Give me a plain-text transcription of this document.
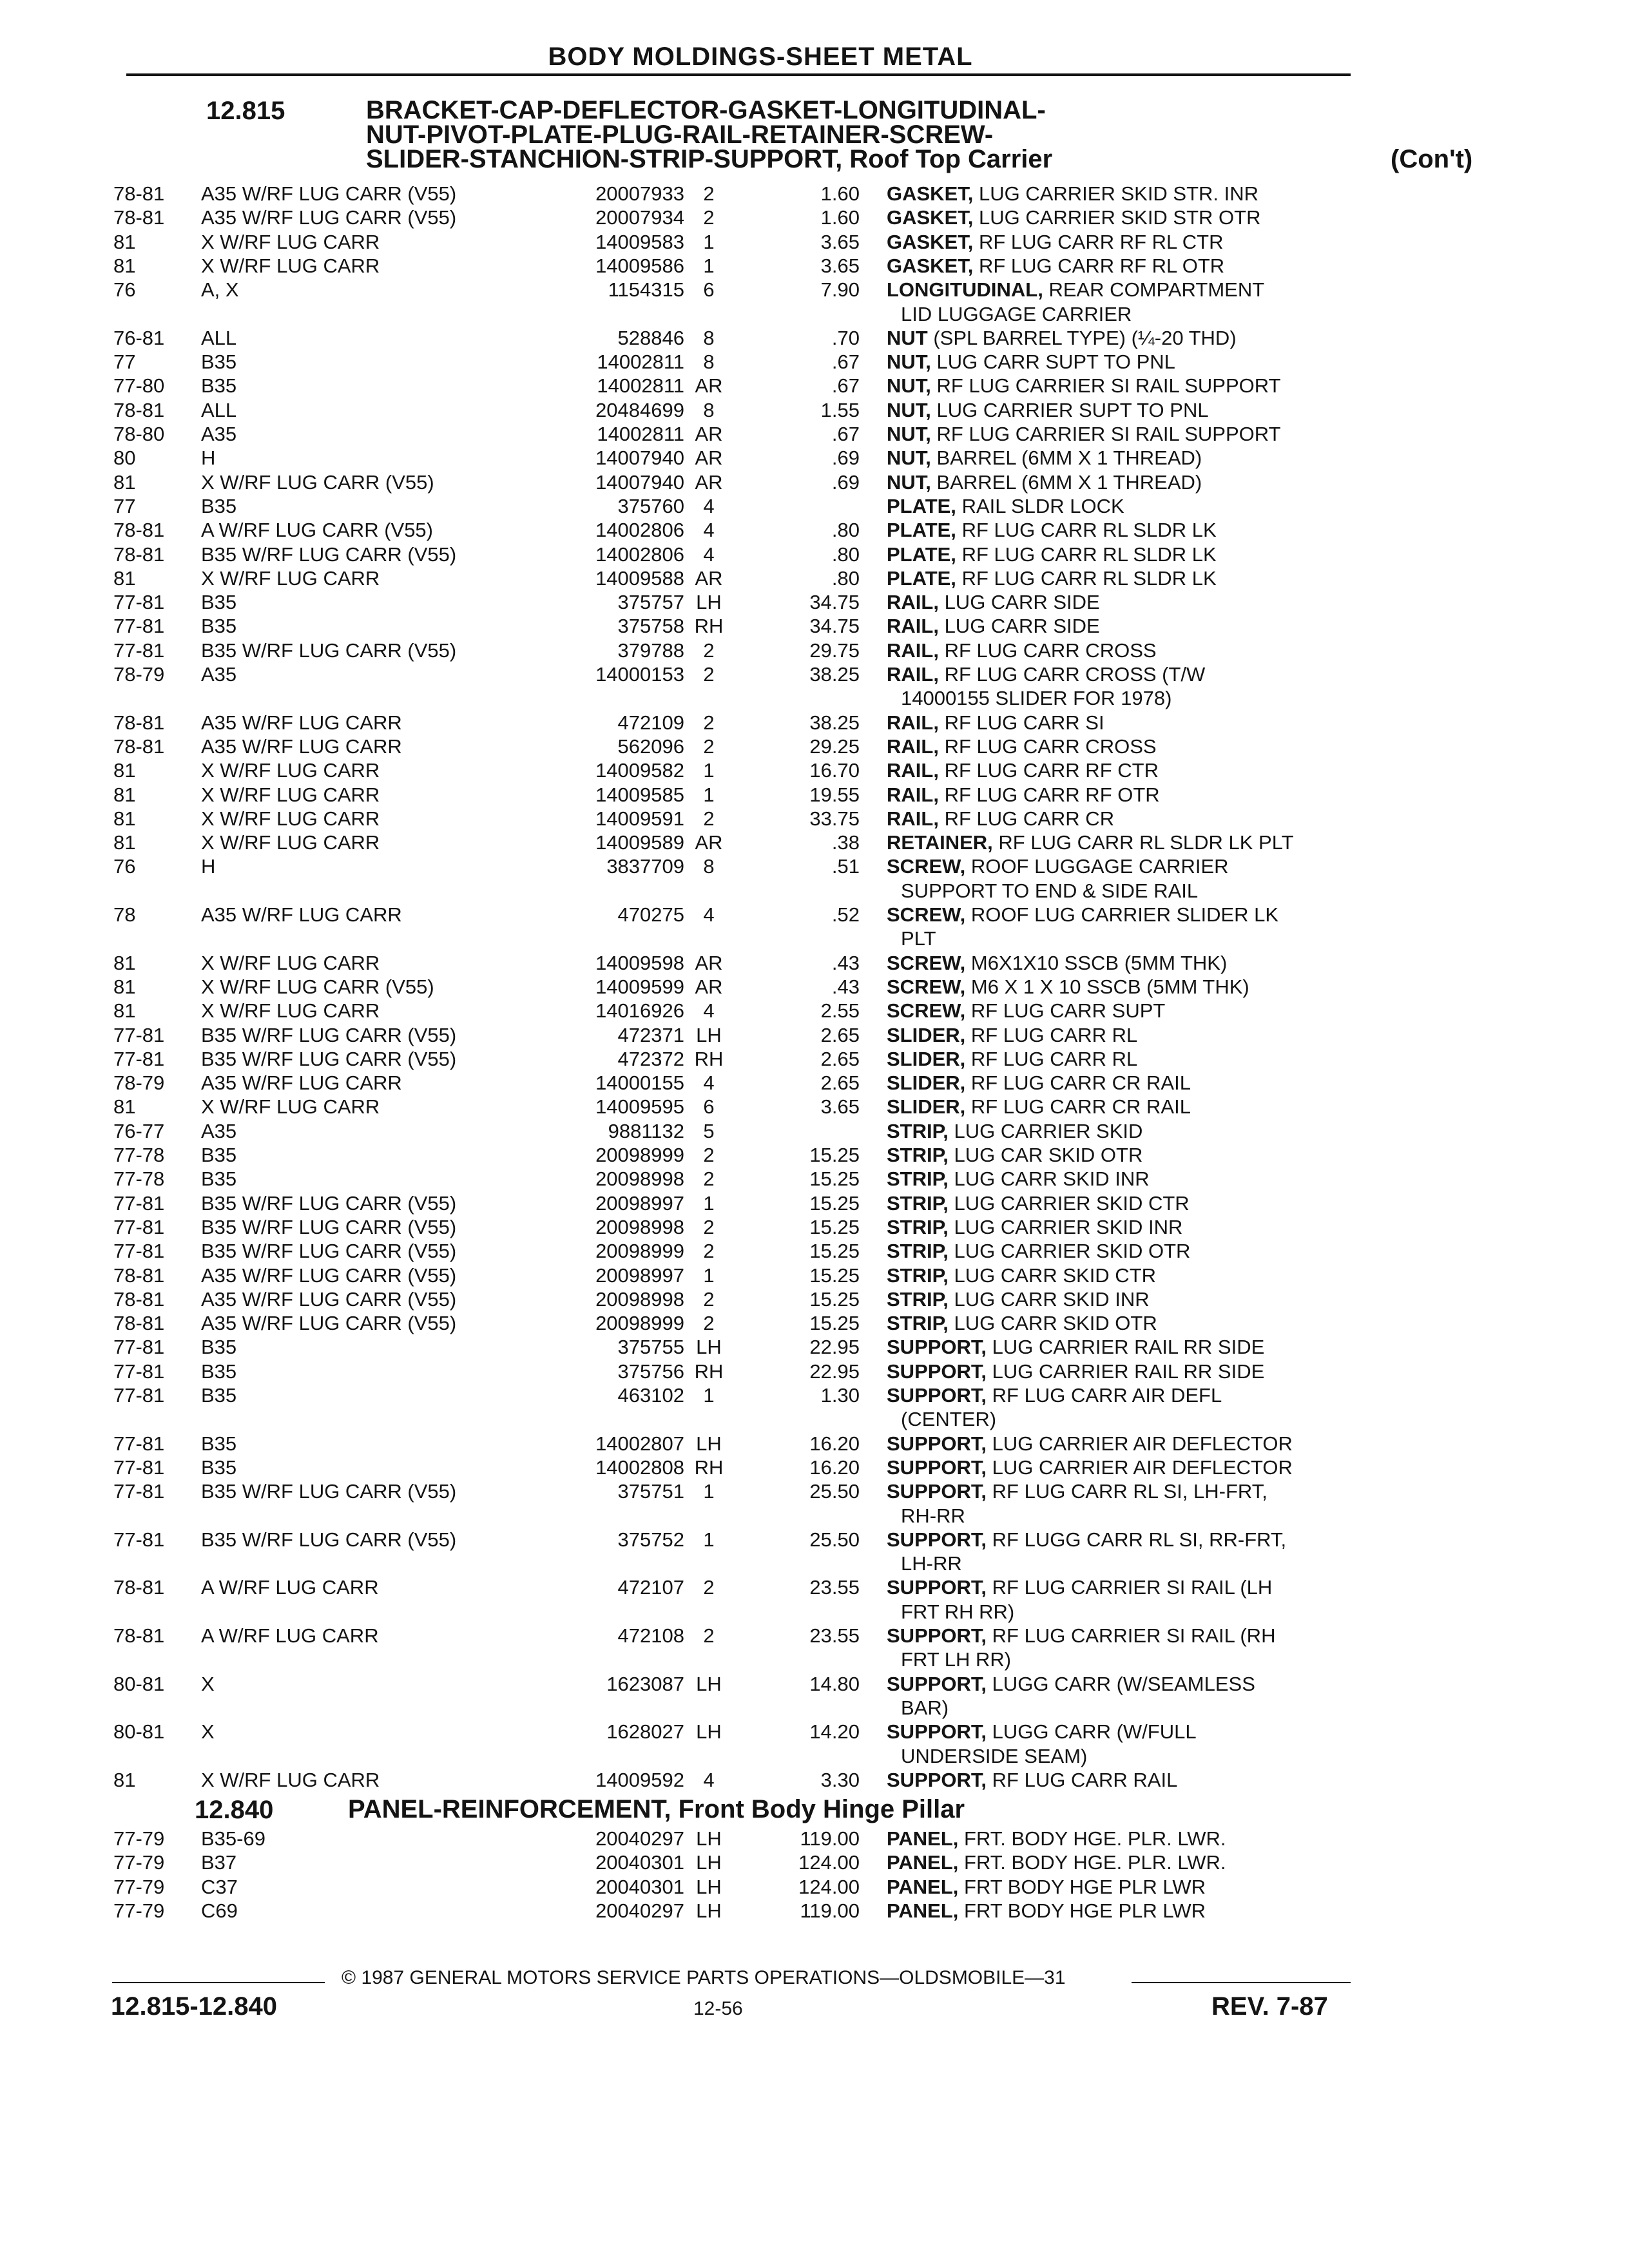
BODY MOLDINGS-SHEET METAL
12.815	BRACKET-CAP-DEFLECTOR-GASKET-LONGITUDINAL-
NUT-PIVOT-PLATE-PLUG-RAIL-RETAINER-SCREW-
SLIDER-STANCHION-STRIP-SUPPORT, Roof Top Carrier	(Con't)
78-81 A35 W/RF LUG CARR (V55)	20007933 2	1.60 GASKET, LUG CARRIER SKID STR. INR
78-81 A35 W/RF LUG CARR (V55)	20007934 2	1.60 GASKET, LUG CARRIER SKID STR OTR
81	X W/RF LUG CARR	14009583 1	3.65 GASKET, RF LUG CARR RF RL CTR
81	X W/RF LUG CARR	14009586 1	3.65 GASKET, RF LUG CARR RF RL OTR
76	A, X	1154315 6	7.90 LONGITUDINAL, REAR COMPARTMENT
LID LUGGAGE CARRIER
76-81 ALL	528846 8	.70 NUT (SPL BARREL TYPE) (¼-20 THD)
77	B35	14002811 8	.67 NUT, LUG CARR SUPT TO PNL
77-80 B35	14002811 AR	.67 NUT, RF LUG CARRIER SI RAIL SUPPORT
78-81 ALL	20484699 8	1.55 NUT, LUG CARRIER SUPT TO PNL
78-80 A35	14002811 AR	.67 NUT, RF LUG CARRIER SI RAIL SUPPORT
80	H	14007940 AR	.69 NUT, BARREL (6MM X 1 THREAD)
81	X W/RF LUG CARR (V55)	14007940 AR	.69 NUT, BARREL (6MM X 1 THREAD)
77	B35	375760 4	PLATE, RAIL SLDR LOCK
78-81 A W/RF LUG CARR (V55)	14002806 4	.80 PLATE, RF LUG CARR RL SLDR LK
78-81 B35 W/RF LUG CARR (V55)	14002806 4	.80 PLATE, RF LUG CARR RL SLDR LK
81	X W/RF LUG CARR	14009588 AR	.80 PLATE, RF LUG CARR RL SLDR LK
77-81 B35	375757 LH	34.75 RAIL, LUG CARR SIDE
77-81 B35	375758 RH	34.75 RAIL, LUG CARR SIDE
77-81 B35 W/RF LUG CARR (V55)	379788 2	29.75 RAIL, RF LUG CARR CROSS
78-79 A35	14000153 2	38.25 RAIL, RF LUG CARR CROSS (T/W
14000155 SLIDER FOR 1978)
78-81 A35 W/RF LUG CARR	472109 2	38.25 RAIL, RF LUG CARR SI
78-81 A35 W/RF LUG CARR	562096 2	29.25 RAIL, RF LUG CARR CROSS
81	X W/RF LUG CARR	14009582 1	16.70 RAIL, RF LUG CARR RF CTR
81	X W/RF LUG CARR	14009585 1	19.55 RAIL, RF LUG CARR RF OTR
81	X W/RF LUG CARR	14009591 2	33.75 RAIL, RF LUG CARR CR
81	X W/RF LUG CARR	14009589 AR	.38 RETAINER, RF LUG CARR RL SLDR LK PLT
76	H	3837709 8	.51 SCREW, ROOF LUGGAGE CARRIER
SUPPORT TO END & SIDE RAIL
78	A35 W/RF LUG CARR	470275 4	.52 SCREW, ROOF LUG CARRIER SLIDER LK
PLT
81	X W/RF LUG CARR	14009598 AR	.43 SCREW, M6X1X10 SSCB (5MM THK)
81	X W/RF LUG CARR (V55)	14009599 AR	.43 SCREW, M6 X 1 X 10 SSCB (5MM THK)
81	X W/RF LUG CARR	14016926 4	2.55 SCREW, RF LUG CARR SUPT
77-81 B35 W/RF LUG CARR (V55)	472371 LH	2.65 SLIDER, RF LUG CARR RL
77-81 B35 W/RF LUG CARR (V55)	472372 RH	2.65 SLIDER, RF LUG CARR RL
78-79 A35 W/RF LUG CARR	14000155 4	2.65 SLIDER, RF LUG CARR CR RAIL
81	X W/RF LUG CARR	14009595 6	3.65 SLIDER, RF LUG CARR CR RAIL
76-77 A35	9881132 5	STRIP, LUG CARRIER SKID
77-78 B35	20098999 2	15.25 STRIP, LUG CAR SKID OTR
77-78 B35	20098998 2	15.25 STRIP, LUG CARR SKID INR
77-81 B35 W/RF LUG CARR (V55)	20098997 1	15.25 STRIP, LUG CARRIER SKID CTR
77-81 B35 W/RF LUG CARR (V55)	20098998 2	15.25 STRIP, LUG CARRIER SKID INR
77-81 B35 W/RF LUG CARR (V55)	20098999 2	15.25 STRIP, LUG CARRIER SKID OTR
78-81 A35 W/RF LUG CARR (V55)	20098997 1	15.25 STRIP, LUG CARR SKID CTR
78-81 A35 W/RF LUG CARR (V55)	20098998 2	15.25 STRIP, LUG CARR SKID INR
78-81 A35 W/RF LUG CARR (V55)	20098999 2	15.25 STRIP, LUG CARR SKID OTR
77-81 B35	375755 LH	22.95 SUPPORT, LUG CARRIER RAIL RR SIDE
77-81 B35	375756 RH	22.95 SUPPORT, LUG CARRIER RAIL RR SIDE
77-81 B35	463102 1	1.30 SUPPORT, RF LUG CARR AIR DEFL
(CENTER)
77-81 B35	14002807 LH	16.20 SUPPORT, LUG CARRIER AIR DEFLECTOR
77-81 B35	14002808 RH	16.20 SUPPORT, LUG CARRIER AIR DEFLECTOR
77-81 B35 W/RF LUG CARR (V55)	375751 1	25.50 SUPPORT, RF LUG CARR RL SI, LH-FRT,
RH-RR
77-81 B35 W/RF LUG CARR (V55)	375752 1	25.50 SUPPORT, RF LUGG CARR RL SI, RR-FRT,
LH-RR
78-81 A W/RF LUG CARR	472107 2	23.55 SUPPORT, RF LUG CARRIER SI RAIL (LH
FRT RH RR)
78-81 A W/RF LUG CARR	472108 2	23.55 SUPPORT, RF LUG CARRIER SI RAIL (RH
FRT LH RR)
80-81 X	1623087 LH	14.80 SUPPORT, LUGG CARR (W/SEAMLESS
BAR)
80-81 X	1628027 LH	14.20 SUPPORT, LUGG CARR (W/FULL
UNDERSIDE SEAM)
81	X W/RF LUG CARR	14009592 4	3.30 SUPPORT, RF LUG CARR RAIL
12.840	PANEL-REINFORCEMENT, Front Body Hinge Pillar
77-79 B35-69	20040297 LH	119.00 PANEL, FRT. BODY HGE. PLR. LWR.
77-79 B37	20040301 LH	124.00 PANEL, FRT. BODY HGE. PLR. LWR.
77-79 C37	20040301 LH	124.00 PANEL, FRT BODY HGE PLR LWR
77-79 C69	20040297 LH	119.00 PANEL, FRT BODY HGE PLR LWR
© 1987 GENERAL MOTORS SERVICE PARTS OPERATIONS—OLDSMOBILE—31
12.815-12.840	12-56	REV. 7-87
